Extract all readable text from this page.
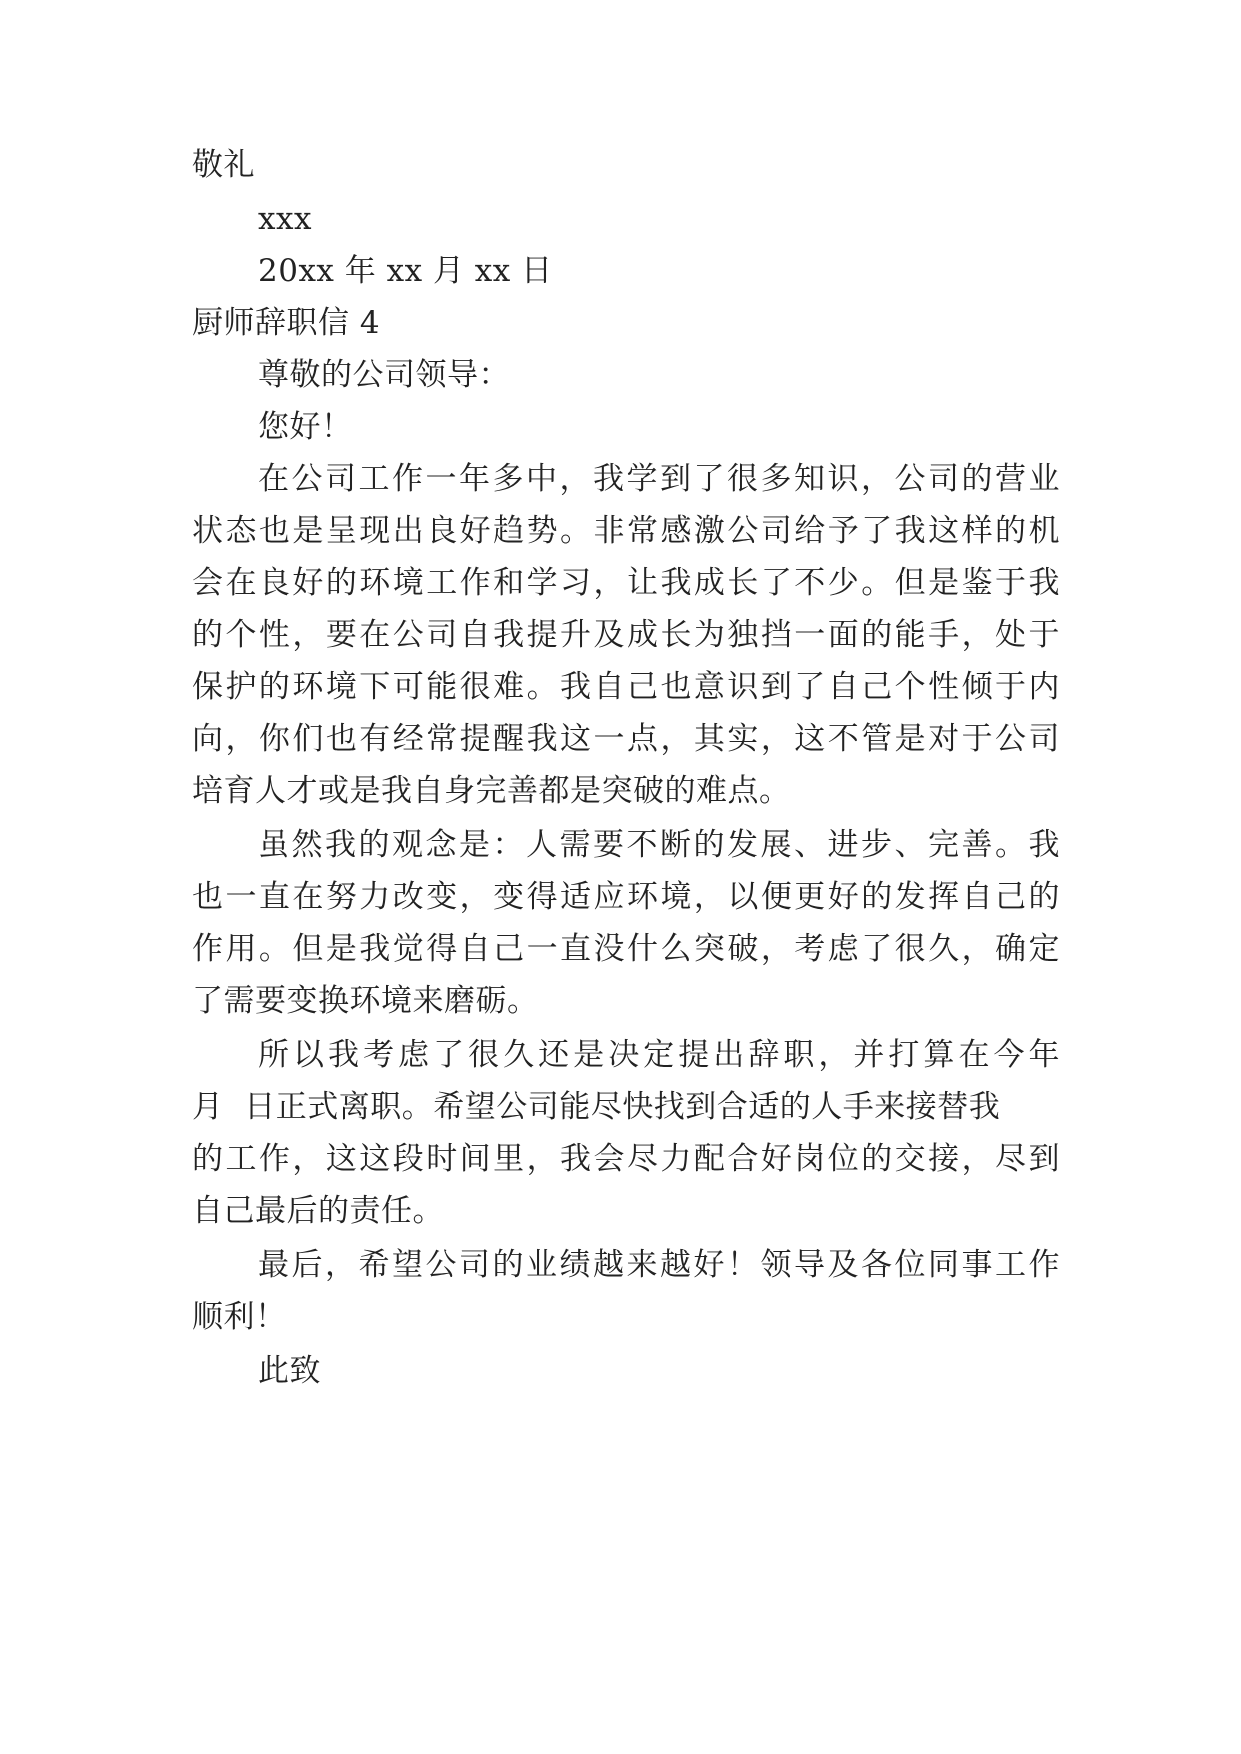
敬礼
xxx
20xx 年 xx 月 xx 日
厨师辞职信 4
尊敬的公司领导：
您好！
在公司工作一年多中，我学到了很多知识，公司的营业
状态也是呈现出良好趋势。非常感激公司给予了我这样的机
会在良好的环境工作和学习，让我成长了不少。但是鉴于我
的个性，要在公司自我提升及成长为独挡一面的能手，处于
保护的环境下可能很难。我自己也意识到了自己个性倾于内
向，你们也有经常提醒我这一点，其实，这不管是对于公司
培育人才或是我自身完善都是突破的难点。
虽然我的观念是：人需要不断的发展、进步、完善。我
也一直在努力改变，变得适应环境，以便更好的发挥自己的
作用。但是我觉得自己一直没什么突破，考虑了很久，确定
了需要变换环境来磨砺。
所以我考虑了很久还是决定提出辞职，并打算在今年
月  日正式离职。希望公司能尽快找到合适的人手来接替我
的工作，这这段时间里，我会尽力配合好岗位的交接，尽到
自己最后的责任。
最后，希望公司的业绩越来越好！领导及各位同事工作
顺利！
此致
